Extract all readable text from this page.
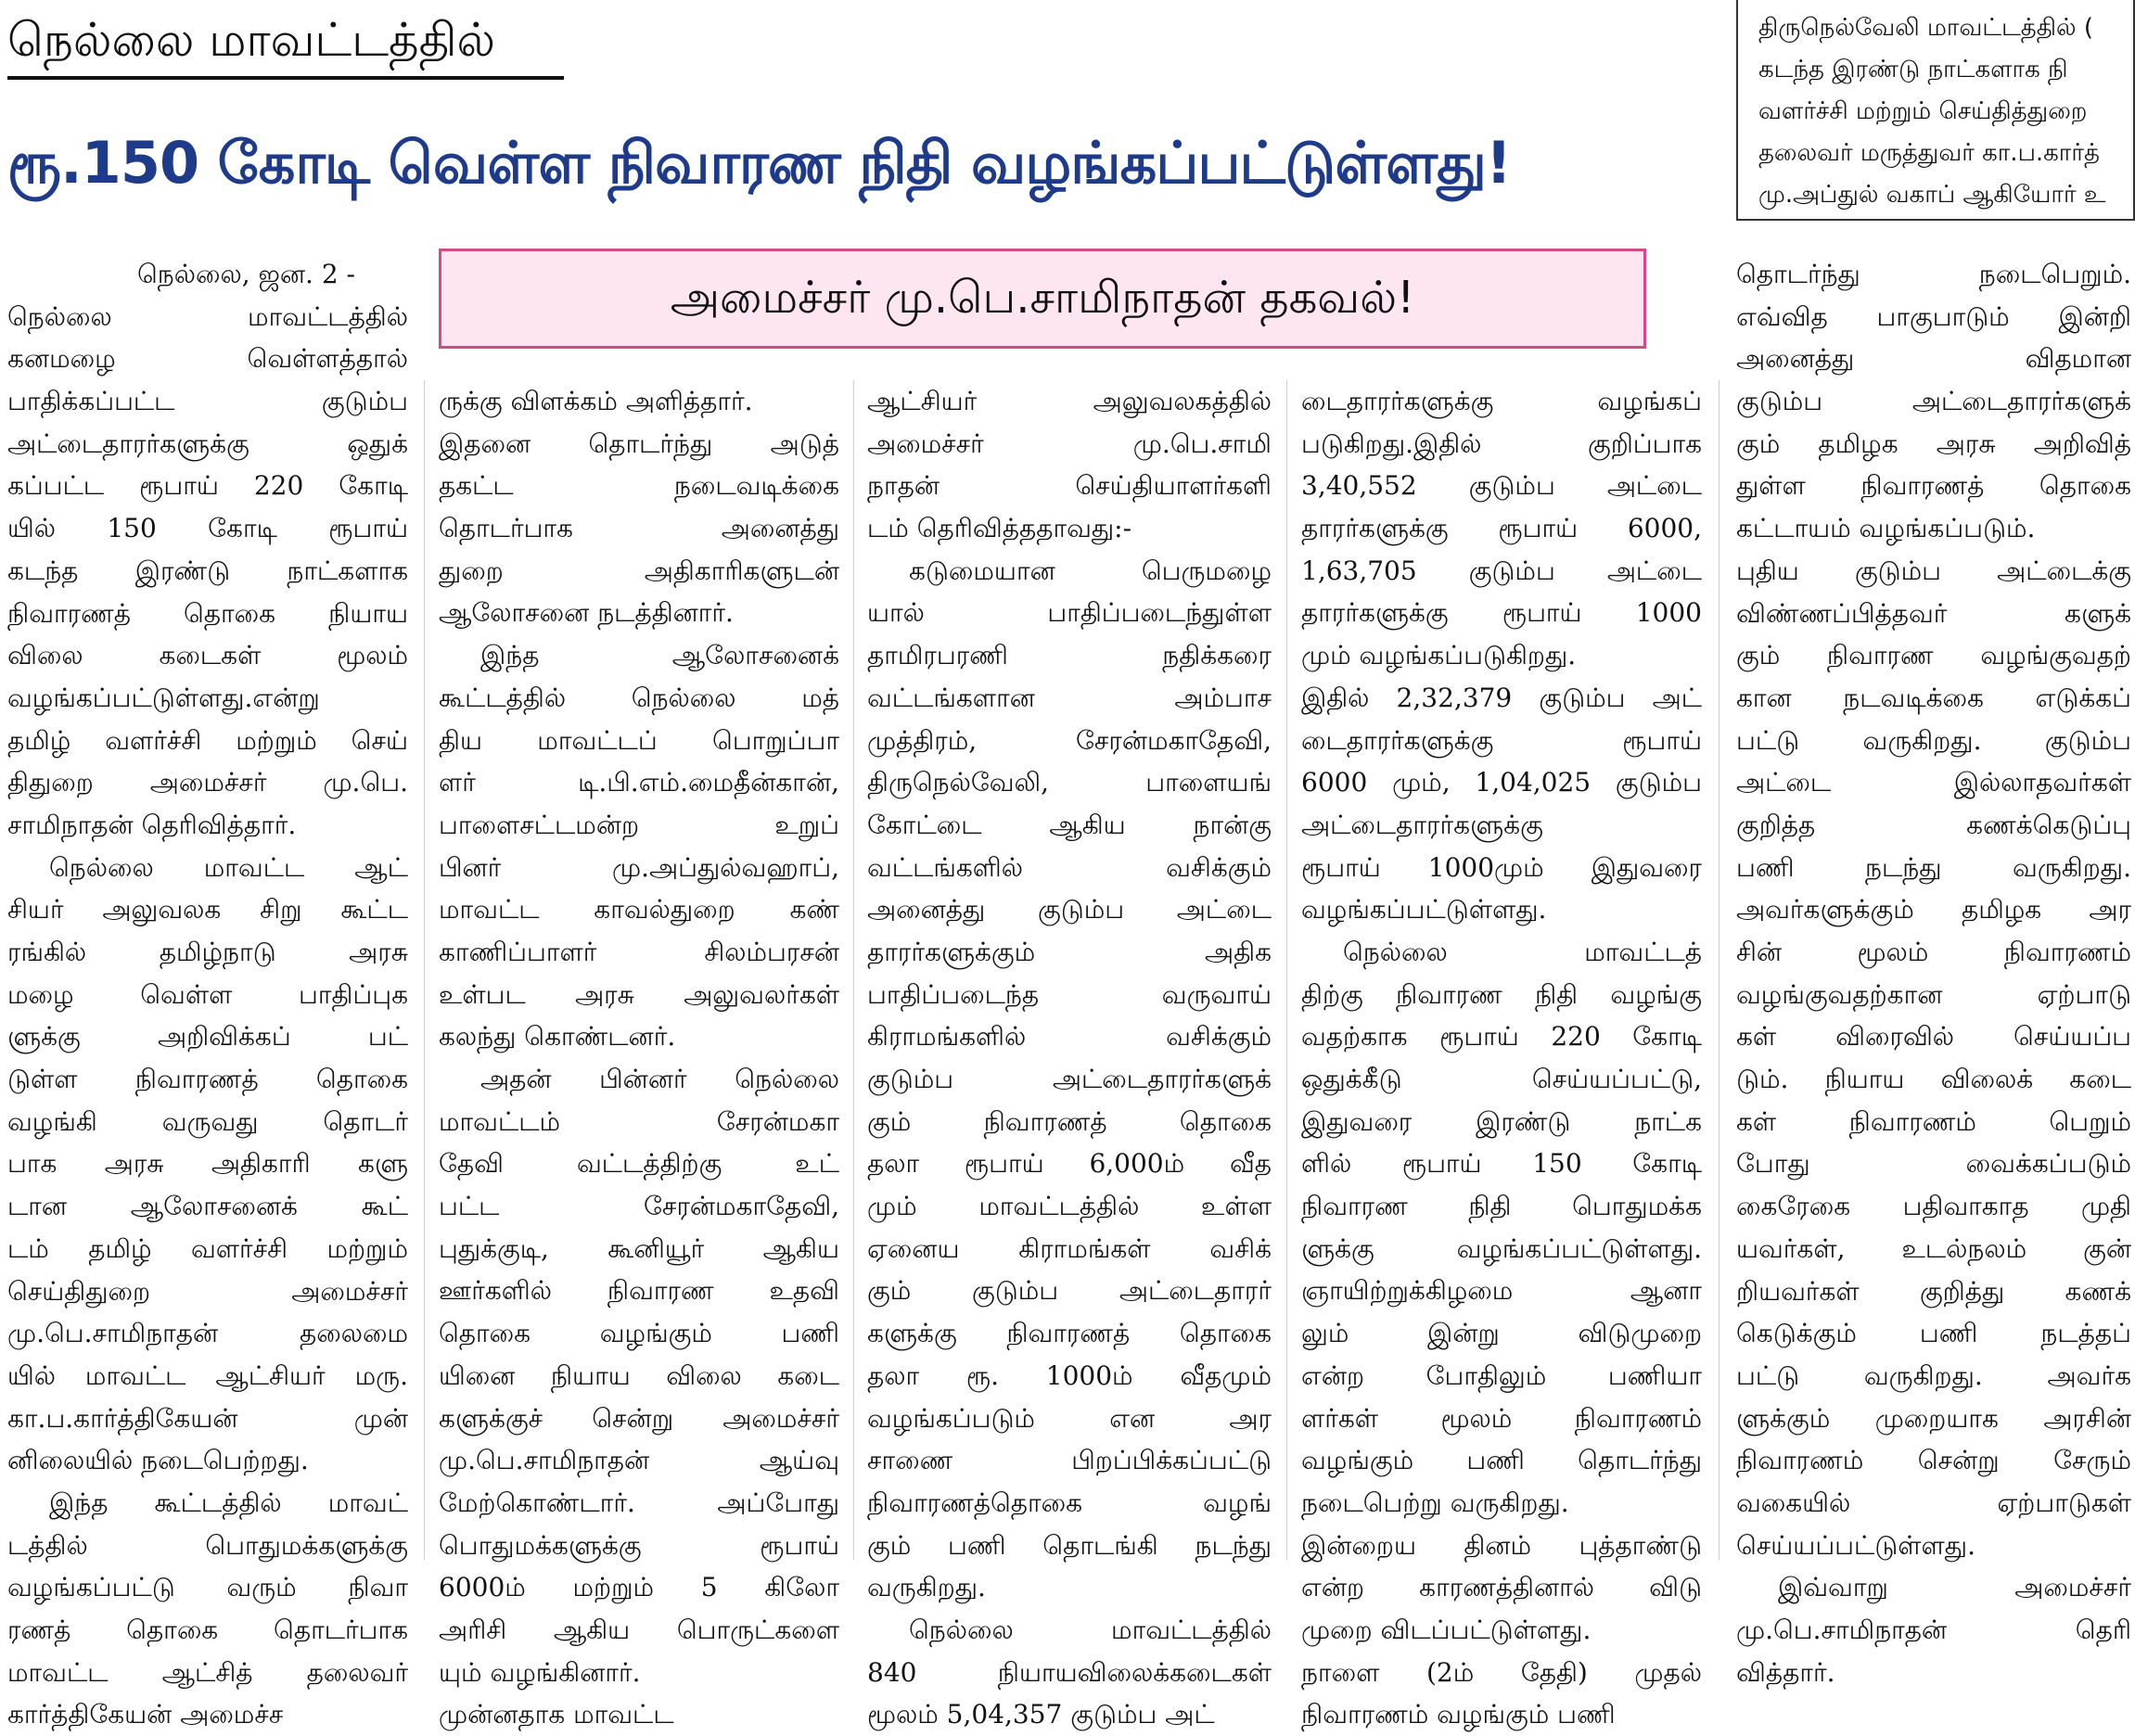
நெல்லை மாவட்டத்தில்
ரூ.150 கோடி வெள்ள நிவாரண நிதி வழங்கப்பட்டுள்ளது!
திருநெல்வேலி மாவட்டத்தில் (
கடந்த இரண்டு நாட்களாக நி
வளர்ச்சி மற்றும் செய்தித்துறை
தலைவர் மருத்துவர் கா.ப.கார்த்
மு.அப்துல் வகாப் ஆகியோர் உ
அமைச்சர் மு.பெ.சாமிநாதன் தகவல்!
நெல்லை, ஜன. 2 -
நெல்லை மாவட்டத்தில்
கனமழை வெள்ளத்தால்
பாதிக்கப்பட்ட குடும்ப
அட்டைதாரர்களுக்கு ஒதுக்
கப்பட்ட ரூபாய் 220 கோடி
யில் 150 கோடி ரூபாய்
கடந்த இரண்டு நாட்களாக
நிவாரணத் தொகை நியாய
விலை கடைகள் மூலம்
வழங்கப்பட்டுள்ளது.என்று
தமிழ் வளர்ச்சி மற்றும் செய்
திதுறை அமைச்சர் மு.பெ.
சாமிநாதன் தெரிவித்தார்.
நெல்லை மாவட்ட ஆட்
சியர் அலுவலக சிறு கூட்ட
ரங்கில் தமிழ்நாடு அரசு
மழை வெள்ள பாதிப்புக
ளுக்கு அறிவிக்கப் பட்
டுள்ள நிவாரணத் தொகை
வழங்கி வருவது தொடர்
பாக அரசு அதிகாரி களு
டான ஆலோசனைக் கூட்
டம் தமிழ் வளர்ச்சி மற்றும்
செய்திதுறை அமைச்சர்
மு.பெ.சாமிநாதன் தலைமை
யில் மாவட்ட ஆட்சியர் மரு.
கா.ப.கார்த்திகேயன் முன்
னிலையில் நடைபெற்றது.
இந்த கூட்டத்தில் மாவட்
டத்தில் பொதுமக்களுக்கு
வழங்கப்பட்டு வரும் நிவா
ரணத் தொகை தொடர்பாக
மாவட்ட ஆட்சித் தலைவர்
கார்த்திகேயன் அமைச்ச
ருக்கு விளக்கம் அளித்தார்.
இதனை தொடர்ந்து அடுத்
தகட்ட நடைவடிக்கை
தொடர்பாக அனைத்து
துறை அதிகாரிகளுடன்
ஆலோசனை நடத்தினார்.
இந்த ஆலோசனைக்
கூட்டத்தில் நெல்லை மத்
திய மாவட்டப் பொறுப்பா
ளர் டி.பி.எம்.மைதீன்கான்,
பாளைசட்டமன்ற உறுப்
பினர் மு.அப்துல்வஹாப்,
மாவட்ட காவல்துறை கண்
காணிப்பாளர் சிலம்பரசன்
உள்பட அரசு அலுவலர்கள்
கலந்து கொண்டனர்.
அதன் பின்னர் நெல்லை
மாவட்டம் சேரன்மகா
தேவி வட்டத்திற்கு உட்
பட்ட சேரன்மகாதேவி,
புதுக்குடி, கூனியூர் ஆகிய
ஊர்களில் நிவாரண உதவி
தொகை வழங்கும் பணி
யினை நியாய விலை கடை
களுக்குச் சென்று அமைச்சர்
மு.பெ.சாமிநாதன் ஆய்வு
மேற்கொண்டார். அப்போது
பொதுமக்களுக்கு ரூபாய்
6000ம் மற்றும் 5 கிலோ
அரிசி ஆகிய பொருட்களை
யும் வழங்கினார்.
முன்னதாக மாவட்ட
ஆட்சியர் அலுவலகத்தில்
அமைச்சர் மு.பெ.சாமி
நாதன் செய்தியாளர்களி
டம் தெரிவித்ததாவது:-
கடுமையான பெருமழை
யால் பாதிப்படைந்துள்ள
தாமிரபரணி நதிக்கரை
வட்டங்களான அம்பாச
முத்திரம், சேரன்மகாதேவி,
திருநெல்வேலி, பாளையங்
கோட்டை ஆகிய நான்கு
வட்டங்களில் வசிக்கும்
அனைத்து குடும்ப அட்டை
தாரர்களுக்கும் அதிக
பாதிப்படைந்த வருவாய்
கிராமங்களில் வசிக்கும்
குடும்ப அட்டைதாரர்களுக்
கும் நிவாரணத் தொகை
தலா ரூபாய் 6,000ம் வீத
மும் மாவட்டத்தில் உள்ள
ஏனைய கிராமங்கள் வசிக்
கும் குடும்ப அட்டைதாரர்
களுக்கு நிவாரணத் தொகை
தலா ரூ. 1000ம் வீதமும்
வழங்கப்படும் என அர
சாணை பிறப்பிக்கப்பட்டு
நிவாரணத்தொகை வழங்
கும் பணி தொடங்கி நடந்து
வருகிறது.
நெல்லை மாவட்டத்தில்
840 நியாயவிலைக்கடைகள்
மூலம் 5,04,357 குடும்ப அட்
டைதாரர்களுக்கு வழங்கப்
படுகிறது.இதில் குறிப்பாக
3,40,552 குடும்ப அட்டை
தாரர்களுக்கு ரூபாய் 6000,
1,63,705 குடும்ப அட்டை
தாரர்களுக்கு ரூபாய் 1000
மும் வழங்கப்படுகிறது.
இதில் 2,32,379 குடும்ப அட்
டைதாரர்களுக்கு ரூபாய்
6000 மும், 1,04,025 குடும்ப
அட்டைதாரர்களுக்கு
ரூபாய் 1000மும் இதுவரை
வழங்கப்பட்டுள்ளது.
நெல்லை மாவட்டத்
திற்கு நிவாரண நிதி வழங்கு
வதற்காக ரூபாய் 220 கோடி
ஒதுக்கீடு செய்யப்பட்டு,
இதுவரை இரண்டு நாட்க
ளில் ரூபாய் 150 கோடி
நிவாரண நிதி பொதுமக்க
ளுக்கு வழங்கப்பட்டுள்ளது.
ஞாயிற்றுக்கிழமை ஆனா
லும் இன்று விடுமுறை
என்ற போதிலும் பணியா
ளர்கள் மூலம் நிவாரணம்
வழங்கும் பணி தொடர்ந்து
நடைபெற்று வருகிறது.
இன்றைய தினம் புத்தாண்டு
என்ற காரணத்தினால் விடு
முறை விடப்பட்டுள்ளது.
நாளை (2ம் தேதி) முதல்
நிவாரணம் வழங்கும் பணி
தொடர்ந்து நடைபெறும்.
எவ்வித பாகுபாடும் இன்றி
அனைத்து விதமான
குடும்ப அட்டைதாரர்களுக்
கும் தமிழக அரசு அறிவித்
துள்ள நிவாரணத் தொகை
கட்டாயம் வழங்கப்படும்.
புதிய குடும்ப அட்டைக்கு
விண்ணப்பித்தவர் களுக்
கும் நிவாரண வழங்குவதற்
கான நடவடிக்கை எடுக்கப்
பட்டு வருகிறது. குடும்ப
அட்டை இல்லாதவர்கள்
குறித்த கணக்கெடுப்பு
பணி நடந்து வருகிறது.
அவர்களுக்கும் தமிழக அர
சின் மூலம் நிவாரணம்
வழங்குவதற்கான ஏற்பாடு
கள் விரைவில் செய்யப்ப
டும். நியாய விலைக் கடை
கள் நிவாரணம் பெறும்
போது வைக்கப்படும்
கைரேகை பதிவாகாத முதி
யவர்கள், உடல்நலம் குன்
றியவர்கள் குறித்து கணக்
கெடுக்கும் பணி நடத்தப்
பட்டு வருகிறது. அவர்க
ளுக்கும் முறையாக அரசின்
நிவாரணம் சென்று சேரும்
வகையில் ஏற்பாடுகள்
செய்யப்பட்டுள்ளது.
இவ்வாறு அமைச்சர்
மு.பெ.சாமிநாதன் தெரி
வித்தார்.
